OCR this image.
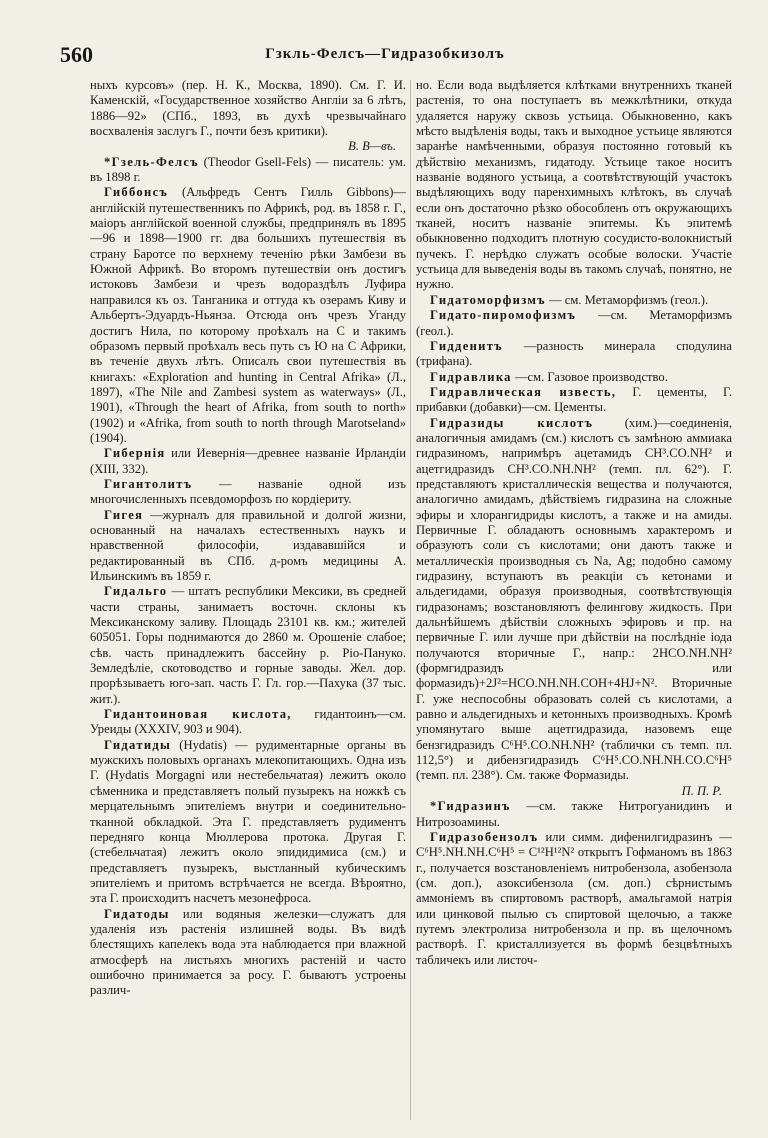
560	Гзкль-Фелсъ—Гидразобкизолъ

ныхъ курсовъ» (пер. Н. К., Москва, 1890). См. Г. И. Каменскій, «Государственное хозяйство Англіи за 6 лѣтъ, 1886—92» (СПб., 1893, въ духѣ чрезвычайнаго восхваленія заслугъ Г., почти безъ критики).
В. В—въ.

*Гзель-Фелсъ (Theodor Gsell-Fels) — писатель: ум. въ 1898 г.

Гиббонсъ (Альфредъ Сентъ Гилль Gibbons)—англійскій путешественникъ по Африкѣ, род. въ 1858 г. Г., маіоръ англійской военной службы, предпринялъ въ 1895—96 и 1898—1900 гг. два большихъ путешествія въ страну Баротсе по верхнему теченію рѣки Замбези въ Южной Африкѣ. Во второмъ путешествіи онъ достигъ истоковъ Замбези и чрезъ водораздѣлъ Луфира направился къ оз. Танганика и оттуда къ озерамъ Киву и Альбертъ-Эдуардъ-Ньянза. Отсюда онъ чрезъ Уганду достигъ Нила, по которому проѣхалъ на С и такимъ образомъ первый проѣхалъ весь путь съ Ю на С Африки, въ теченіе двухъ лѣтъ. Описалъ свои путешествія въ книгахъ: «Exploration and hunting in Central Afrika» (Л., 1897), «The Nile and Zambesi system as waterways» (Л., 1901), «Through the heart of Afrika, from south to north» (1902) и «Afrika, from south to north through Marotseland» (1904).

Гибернія или Иевернія—древнее названіе Ирландіи (XIII, 332).

Гигантолитъ — названіе одной изъ многочисленныхъ псевдоморфозъ по кордіериту.

Гигея —журналъ для правильной и долгой жизни, основанный на началахъ естественныхъ наукъ и нравственной философіи, издававшійся и редактированный въ СПб. д-ромъ медицины А. Ильинскимъ въ 1859 г.

Гидальго — штатъ республики Мексики, въ средней части страны, занимаетъ восточн. склоны къ Мексиканскому заливу. Площадь 23101 кв. км.; жителей 605051. Горы поднимаются до 2860 м. Орошеніе слабое; сѣв. часть принадлежитъ бассейну р. Ріо-Пануко. Земледѣліе, скотоводство и горные заводы. Жел. дор. прорѣзываетъ юго-зап. часть Г. Гл. гор.—Пахука (37 тыс. жит.).

Гидантоиновая кислота, гидантоинъ—см. Уреиды (XXXIV, 903 и 904).

Гидатиды (Hydatis) — рудиментарные органы въ мужскихъ половыхъ органахъ млекопитающихъ. Одна изъ Г. (Hydatis Morgagni или нестебельчатая) лежитъ около сѣменника и представляетъ полый пузырекъ на ножкѣ съ мерцательнымъ эпителіемъ внутри и соединительно-тканной обкладкой. Эта Г. представляетъ рудиментъ передняго конца Мюллерова протока. Другая Г. (стебельчатая) лежитъ около эпидидимиса (см.) и представляетъ пузырекъ, выстланный кубическимъ эпителіемъ и притомъ встрѣчается не всегда. Вѣроятно, эта Г. происходитъ насчетъ мезонефроса.

Гидатоды или водяныя железки—служатъ для удаленія изъ растенія излишней воды. Въ видѣ блестящихъ капелекъ вода эта наблюдается при влажной атмосферѣ на листьяхъ многихъ растеній и часто ошибочно принимается за росу. Г. бываютъ устроены различ-

но. Если вода выдѣляется клѣтками внутреннихъ тканей растенія, то она поступаетъ въ межклѣтники, откуда удаляется наружу сквозь устьица. Обыкновенно, какъ мѣсто выдѣленія воды, такъ и выходное устьице являются заранѣе намѣченными, образуя постоянно готовый къ дѣйствію механизмъ, гидатоду. Устьице такое носитъ названіе водяного устьица, а соотвѣтствующій участокъ выдѣляющихъ воду паренхимныхъ клѣтокъ, въ случаѣ если онъ достаточно рѣзко обособленъ отъ окружающихъ тканей, носитъ названіе эпитемы. Къ эпитемѣ обыкновенно подходитъ плотную сосудисто-волокнистый пучекъ. Г. нерѣдко служатъ особые волоски. Участіе устьица для выведенія воды въ такомъ случаѣ, понятно, не нужно.

Гидатоморфизмъ — см. Метаморфизмъ (геол.).

Гидато-пиромофизмъ —см. Метаморфизмъ (геол.).

Гидденитъ —разность минерала сподулина (трифана).

Гидравлика —см. Газовое производство.

Гидравлическая известь, Г. цементы, Г. прибавки (добавки)—см. Цементы.

Гидразиды кислотъ (хим.)—соединенія, аналогичныя амидамъ (см.) кислотъ съ замѣною аммиака гидразиномъ, напримѣръ ацетамидъ CH³.CO.NH² и ацетгидразидъ CH³.CO.NH.NH² (темп. пл. 62°). Г. представляютъ кристаллическія вещества и получаются, аналогично амидамъ, дѣйствіемъ гидразина на сложные эфиры и хлорангидриды кислотъ, а также и на амиды. Первичные Г. обладаютъ основнымъ характеромъ и образуютъ соли съ кислотами; они даютъ также и металлическія производныя съ Na, Ag; подобно самому гидразину, вступаютъ въ реакціи съ кетонами и альдегидами, образуя производныя, соотвѣтствующія гидразонамъ; возстановляютъ фелингову жидкость. При дальнѣйшемъ дѣйствіи сложныхъ эфировъ и пр. на первичные Г. или лучше при дѣйствіи на послѣдніе іода получаются вторичные Г., напр.: 2HCO.NH.NH² (формгидразидъ или формазидъ)+2J²=HCO.NH.NH.COH+4HJ+N². Вторичные Г. уже неспособны образовать солей съ кислотами, а равно и альдегидныхъ и кетонныхъ производныхъ. Кромѣ упомянутаго выше ацетгидразида, назовемъ еще бензгидразидъ C⁶H⁵.CO.NH.NH² (таблички съ темп. пл. 112,5°) и дибензгидразидъ C⁶H⁵.CO.NH.NH.CO.C⁶H⁵ (темп. пл. 238°). См. также Формазиды.
П. П. Р.

*Гидразинъ —см. также Нитрогуанидинъ и Нитрозоамины.

Гидразобензолъ или симм. дифенилгидразинъ — C⁶H⁵.NH.NH.C⁶H⁵ = C¹²H¹²N² открытъ Гофманомъ въ 1863 г., получается возстановленіемъ нитробензола, азобензола (см. доп.), азоксибензола (см. доп.) сѣрнистымъ аммоніемъ въ спиртовомъ растворѣ, амальгамой натрія или цинковой пылью съ спиртовой щелочью, а также путемъ электролиза нитробензола и пр. въ щелочномъ растворѣ. Г. кристаллизуется въ формѣ безцвѣтныхъ табличекъ или листоч-
